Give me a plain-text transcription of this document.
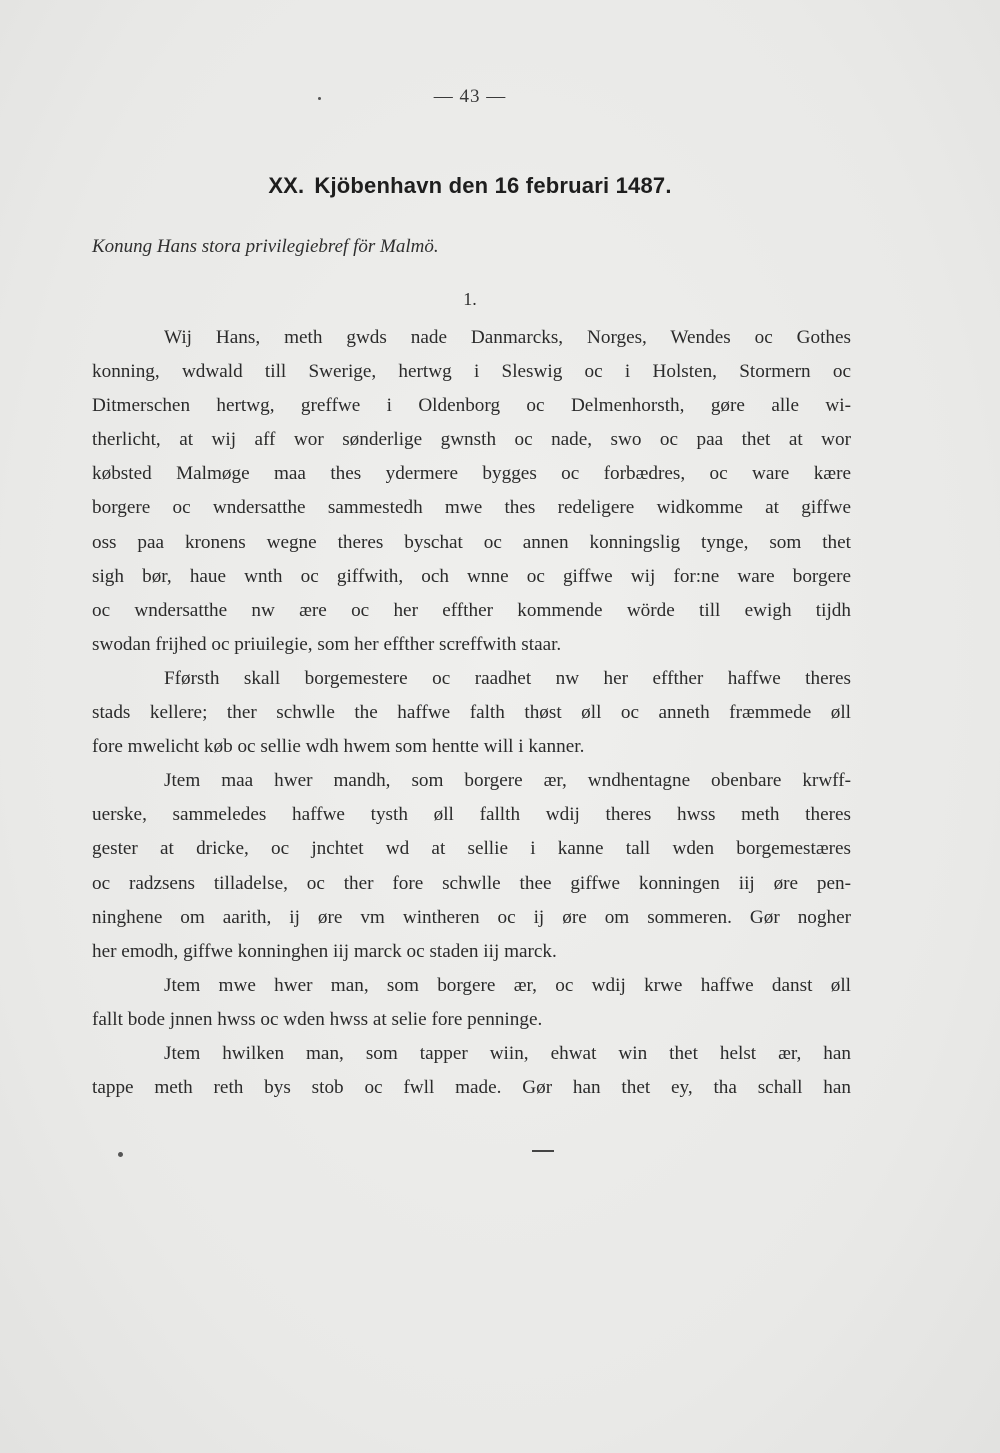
— 43 —
XX. Kjöbenhavn den 16 februari 1487.
Konung Hans stora privilegiebref för Malmö.
1.
Wij Hans, meth gwds nade Danmarcks, Norges, Wendes oc Gothes
konning, wdwald till Swerige, hertwg i Sleswig oc i Holsten, Stormern oc
Ditmerschen hertwg, greffwe i Oldenborg oc Delmenhorsth, gøre alle wi-
therlicht, at wij aff wor sønderlige gwnsth oc nade, swo oc paa thet at wor
købsted Malmøge maa thes ydermere bygges oc forbædres, oc ware kære
borgere oc wndersatthe sammestedh mwe thes redeligere widkomme at giffwe
oss paa kronens wegne theres byschat oc annen konningslig tynge, som thet
sigh bør, haue wnth oc giffwith, och wnne oc giffwe wij for:ne ware borgere
oc wndersatthe nw ære oc her effther kommende wörde till ewigh tijdh
swodan frijhed oc priuilegie, som her effther screffwith staar.
Fførsth skall borgemestere oc raadhet nw her effther haffwe theres
stads kellere; ther schwlle the haffwe falth thøst øll oc anneth fræmmede øll
fore mwelicht køb oc sellie wdh hwem som hentte will i kanner.
Jtem maa hwer mandh, som borgere ær, wndhentagne obenbare krwff-
uerske, sammeledes haffwe tysth øll fallth wdij theres hwss meth theres
gester at dricke, oc jnchtet wd at sellie i kanne tall wden borgemestæres
oc radzsens tilladelse, oc ther fore schwlle thee giffwe konningen iij øre pen-
ninghene om aarith, ij øre vm wintheren oc ij øre om sommeren. Gør nogher
her emodh, giffwe konninghen iij marck oc staden iij marck.
Jtem mwe hwer man, som borgere ær, oc wdij krwe haffwe danst øll
fallt bode jnnen hwss oc wden hwss at selie fore penninge.
Jtem hwilken man, som tapper wiin, ehwat win thet helst ær, han
tappe meth reth bys stob oc fwll made. Gør han thet ey, tha schall han
